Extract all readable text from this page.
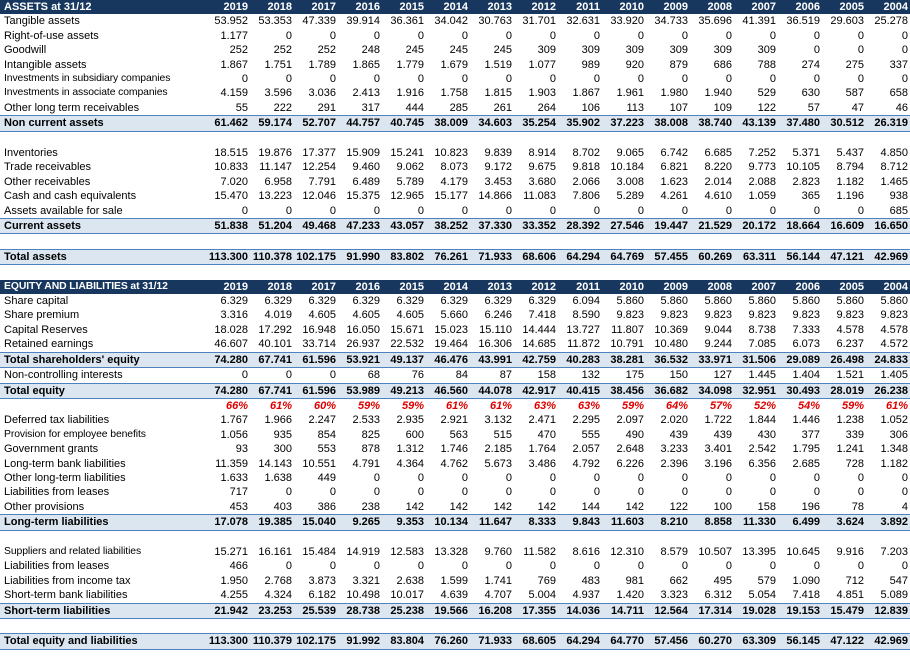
ASSETS at 31/12	2019	2018	2017	2016	2015	2014	2013	2012	2011	2010	2009	2008	2007	2006	2005	2004
Tangible assets	53.952	53.353	47.339	39.914	36.361	34.042	30.763	31.701	32.631	33.920	34.733	35.696	41.391	36.519	29.603	25.278
Right-of-use assets	1.177	0	0	0	0	0	0	0	0	0	0	0	0	0	0	0
Goodwill	252	252	252	248	245	245	245	309	309	309	309	309	309	0	0	0
Intangible assets	1.867	1.751	1.789	1.865	1.779	1.679	1.519	1.077	989	920	879	686	788	274	275	337
Investments in subsidiary companies	0	0	0	0	0	0	0	0	0	0	0	0	0	0	0	0
Investments in associate companies	4.159	3.596	3.036	2.413	1.916	1.758	1.815	1.903	1.867	1.961	1.980	1.940	529	630	587	658
Other long term receivables	55	222	291	317	444	285	261	264	106	113	107	109	122	57	47	46
Non current assets	61.462	59.174	52.707	44.757	40.745	38.009	34.603	35.254	35.902	37.223	38.008	38.740	43.139	37.480	30.512	26.319

Inventories	18.515	19.876	17.377	15.909	15.241	10.823	9.839	8.914	8.702	9.065	6.742	6.685	7.252	5.371	5.437	4.850
Trade receivables	10.833	11.147	12.254	9.460	9.062	8.073	9.172	9.675	9.818	10.184	6.821	8.220	9.773	10.105	8.794	8.712
Other receivables	7.020	6.958	7.791	6.489	5.789	4.179	3.453	3.680	2.066	3.008	1.623	2.014	2.088	2.823	1.182	1.465
Cash and cash equivalents	15.470	13.223	12.046	15.375	12.965	15.177	14.866	11.083	7.806	5.289	4.261	4.610	1.059	365	1.196	938
Assets available for sale	0	0	0	0	0	0	0	0	0	0	0	0	0	0	0	685
Current assets	51.838	51.204	49.468	47.233	43.057	38.252	37.330	33.352	28.392	27.546	19.447	21.529	20.172	18.664	16.609	16.650

Total assets	113.300	110.378	102.175	91.990	83.802	76.261	71.933	68.606	64.294	64.769	57.455	60.269	63.311	56.144	47.121	42.969

EQUITY AND LIABILITIES at 31/12	2019	2018	2017	2016	2015	2014	2013	2012	2011	2010	2009	2008	2007	2006	2005	2004
Share capital	6.329	6.329	6.329	6.329	6.329	6.329	6.329	6.329	6.094	5.860	5.860	5.860	5.860	5.860	5.860	5.860
Share premium	3.316	4.019	4.605	4.605	4.605	5.660	6.246	7.418	8.590	9.823	9.823	9.823	9.823	9.823	9.823	9.823
Capital Reserves	18.028	17.292	16.948	16.050	15.671	15.023	15.110	14.444	13.727	11.807	10.369	9.044	8.738	7.333	4.578	4.578
Retained earnings	46.607	40.101	33.714	26.937	22.532	19.464	16.306	14.685	11.872	10.791	10.480	9.244	7.085	6.073	6.237	4.572
Total shareholders' equity	74.280	67.741	61.596	53.921	49.137	46.476	43.991	42.759	40.283	38.281	36.532	33.971	31.506	29.089	26.498	24.833
Non-controlling interests	0	0	0	68	76	84	87	158	132	175	150	127	1.445	1.404	1.521	1.405
Total equity	74.280	67.741	61.596	53.989	49.213	46.560	44.078	42.917	40.415	38.456	36.682	34.098	32.951	30.493	28.019	26.238
	66%	61%	60%	59%	59%	61%	61%	63%	63%	59%	64%	57%	52%	54%	59%	61%
Deferred tax liabilities	1.767	1.966	2.247	2.533	2.935	2.921	3.132	2.471	2.295	2.097	2.020	1.722	1.844	1.446	1.238	1.052
Provision for employee benefits	1.056	935	854	825	600	563	515	470	555	490	439	439	430	377	339	306
Government grants	93	300	553	878	1.312	1.746	2.185	1.764	2.057	2.648	3.233	3.401	2.542	1.795	1.241	1.348
Long-term bank liabilities	11.359	14.143	10.551	4.791	4.364	4.762	5.673	3.486	4.792	6.226	2.396	3.196	6.356	2.685	728	1.182
Other long-term liabilities	1.633	1.638	449	0	0	0	0	0	0	0	0	0	0	0	0	0
Liabilities from leases	717	0	0	0	0	0	0	0	0	0	0	0	0	0	0	0
Other provisions	453	403	386	238	142	142	142	142	144	142	122	100	158	196	78	4
Long-term liabilities	17.078	19.385	15.040	9.265	9.353	10.134	11.647	8.333	9.843	11.603	8.210	8.858	11.330	6.499	3.624	3.892

Suppliers and related liabilities	15.271	16.161	15.484	14.919	12.583	13.328	9.760	11.582	8.616	12.310	8.579	10.507	13.395	10.645	9.916	7.203
Liabilities from leases	466	0	0	0	0	0	0	0	0	0	0	0	0	0	0	0
Liabilities from income tax	1.950	2.768	3.873	3.321	2.638	1.599	1.741	769	483	981	662	495	579	1.090	712	547
Short-term bank liabilities	4.255	4.324	6.182	10.498	10.017	4.639	4.707	5.004	4.937	1.420	3.323	6.312	5.054	7.418	4.851	5.089
Short-term liabilities	21.942	23.253	25.539	28.738	25.238	19.566	16.208	17.355	14.036	14.711	12.564	17.314	19.028	19.153	15.479	12.839

Total equity and liabilities	113.300	110.379	102.175	91.992	83.804	76.260	71.933	68.605	64.294	64.770	57.456	60.270	63.309	56.145	47.122	42.969
